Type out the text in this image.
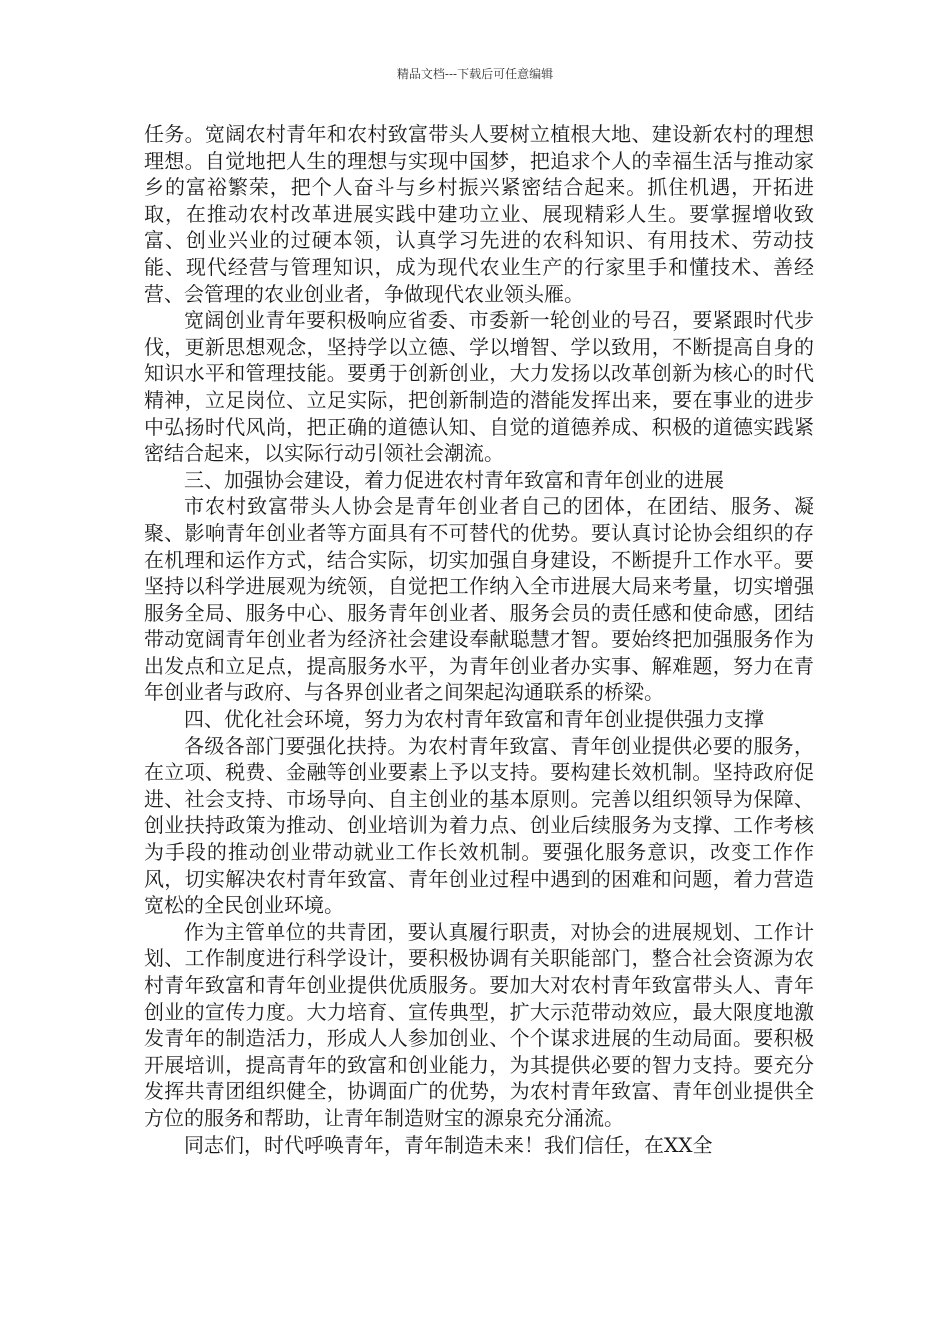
精品文档---下载后可任意编辑

任务。宽阔农村青年和农村致富带头人要树立植根大地、建设新农村的理想理想。自觉地把人生的理想与实现中国梦，把追求个人的幸福生活与推动家乡的富裕繁荣，把个人奋斗与乡村振兴紧密结合起来。抓住机遇，开拓进取，在推动农村改革进展实践中建功立业、展现精彩人生。要掌握增收致富、创业兴业的过硬本领，认真学习先进的农科知识、有用技术、劳动技能、现代经营与管理知识，成为现代农业生产的行家里手和懂技术、善经营、会管理的农业创业者，争做现代农业领头雁。

宽阔创业青年要积极响应省委、市委新一轮创业的号召，要紧跟时代步伐，更新思想观念，坚持学以立德、学以增智、学以致用，不断提高自身的知识水平和管理技能。要勇于创新创业，大力发扬以改革创新为核心的时代精神，立足岗位、立足实际，把创新制造的潜能发挥出来，要在事业的进步中弘扬时代风尚，把正确的道德认知、自觉的道德养成、积极的道德实践紧密结合起来，以实际行动引领社会潮流。

三、加强协会建设，着力促进农村青年致富和青年创业的进展

市农村致富带头人协会是青年创业者自己的团体，在团结、服务、凝聚、影响青年创业者等方面具有不可替代的优势。要认真讨论协会组织的存在机理和运作方式，结合实际，切实加强自身建设，不断提升工作水平。要坚持以科学进展观为统领，自觉把工作纳入全市进展大局来考量，切实增强服务全局、服务中心、服务青年创业者、服务会员的责任感和使命感，团结带动宽阔青年创业者为经济社会建设奉献聪慧才智。要始终把加强服务作为出发点和立足点，提高服务水平，为青年创业者办实事、解难题，努力在青年创业者与政府、与各界创业者之间架起沟通联系的桥梁。

四、优化社会环境，努力为农村青年致富和青年创业提供强力支撑

各级各部门要强化扶持。为农村青年致富、青年创业提供必要的服务，在立项、税费、金融等创业要素上予以支持。要构建长效机制。坚持政府促进、社会支持、市场导向、自主创业的基本原则。完善以组织领导为保障、创业扶持政策为推动、创业培训为着力点、创业后续服务为支撑、工作考核为手段的推动创业带动就业工作长效机制。要强化服务意识，改变工作作风，切实解决农村青年致富、青年创业过程中遇到的困难和问题，着力营造宽松的全民创业环境。

作为主管单位的共青团，要认真履行职责，对协会的进展规划、工作计划、工作制度进行科学设计，要积极协调有关职能部门，整合社会资源为农村青年致富和青年创业提供优质服务。要加大对农村青年致富带头人、青年创业的宣传力度。大力培育、宣传典型，扩大示范带动效应，最大限度地激发青年的制造活力，形成人人参加创业、个个谋求进展的生动局面。要积极开展培训，提高青年的致富和创业能力，为其提供必要的智力支持。要充分发挥共青团组织健全，协调面广的优势，为农村青年致富、青年创业提供全方位的服务和帮助，让青年制造财宝的源泉充分涌流。

同志们，时代呼唤青年，青年制造未来！我们信任，在XX全
